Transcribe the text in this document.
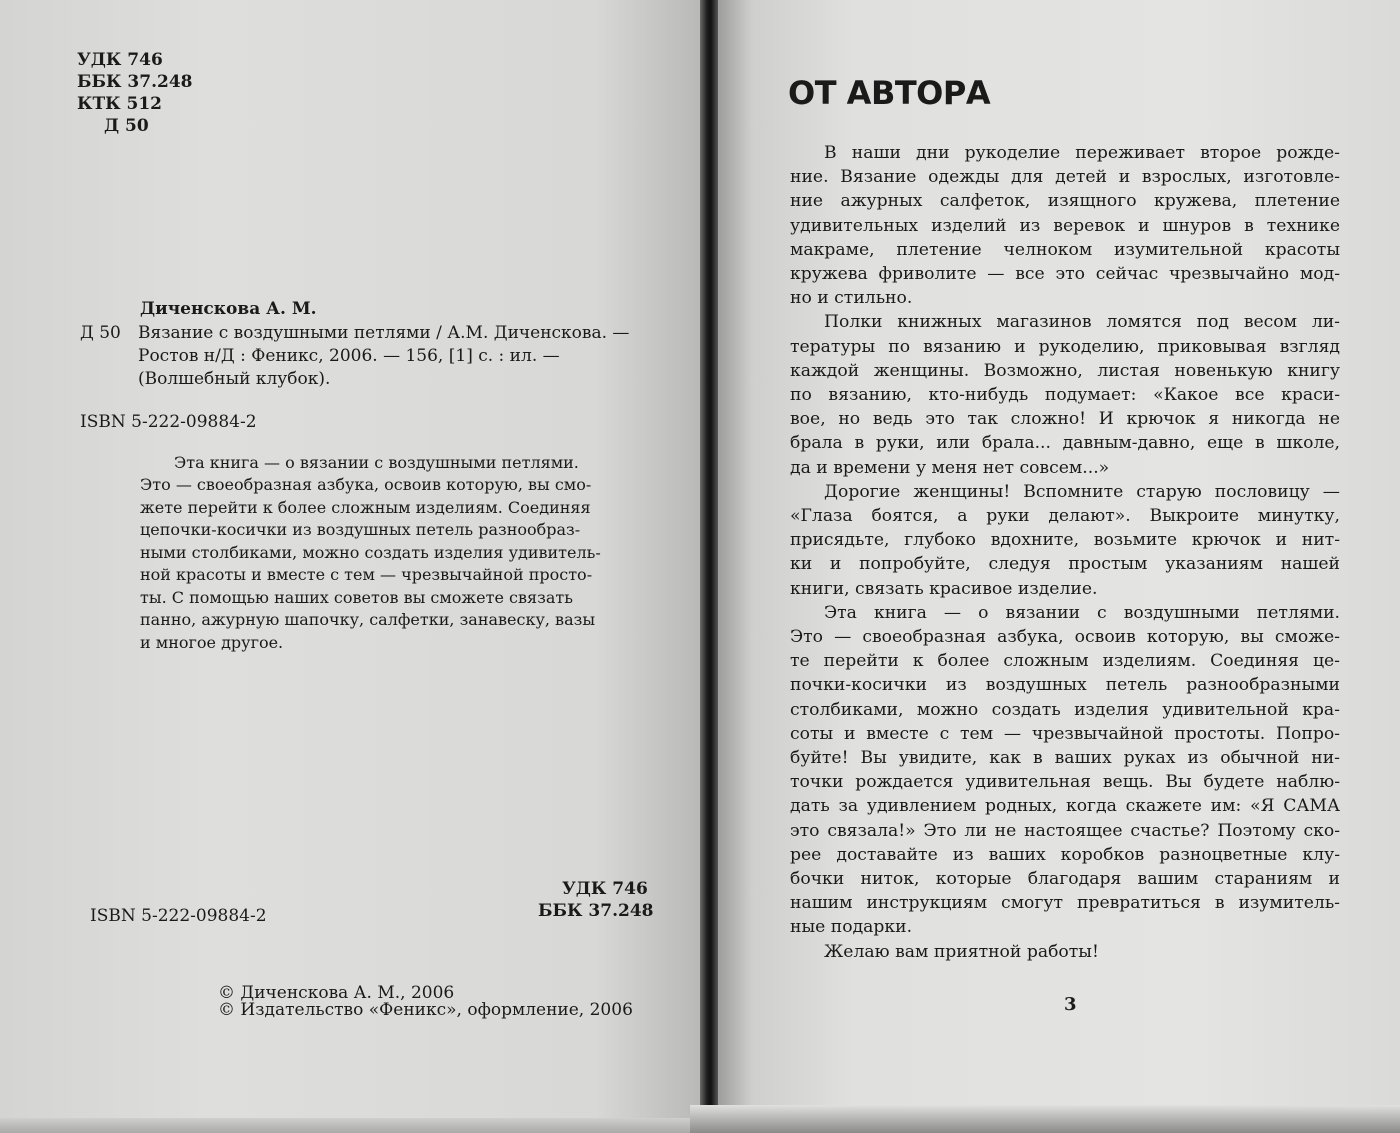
УДК 746
ББК 37.248
КТК 512
Д 50
Диченскова А. М.
Д 50 Вязание с воздушными петлями / А.М. Диченскова. —
Ростов н/Д : Феникс, 2006. — 156, [1] с. : ил. —
(Волшебный клубок).
ISBN 5-222-09884-2
Эта книга — о вязании с воздушными петлями.
Это — своеобразная азбука, освоив которую, вы смо-
жете перейти к более сложным изделиям. Соединяя
цепочки-косички из воздушных петель разнообраз-
ными столбиками, можно создать изделия удивитель-
ной красоты и вместе с тем — чрезвычайной просто-
ты. С помощью наших советов вы сможете связать
панно, ажурную шапочку, салфетки, занавеску, вазы
и многое другое.
ISBN 5-222-09884-2
УДК 746
ББК 37.248
© Диченскова А. М., 2006
© Издательство «Феникс», оформление, 2006
ОТ АВТОРА
В наши дни рукоделие переживает второе рожде-
ние. Вязание одежды для детей и взрослых, изготовле-
ние ажурных салфеток, изящного кружева, плетение
удивительных изделий из веревок и шнуров в технике
макраме, плетение челноком изумительной красоты
кружева фриволите — все это сейчас чрезвычайно мод-
но и стильно.
Полки книжных магазинов ломятся под весом ли-
тературы по вязанию и рукоделию, приковывая взгляд
каждой женщины. Возможно, листая новенькую книгу
по вязанию, кто-нибудь подумает: «Какое все краси-
вое, но ведь это так сложно! И крючок я никогда не
брала в руки, или брала... давным-давно, еще в школе,
да и времени у меня нет совсем...»
Дорогие женщины! Вспомните старую пословицу —
«Глаза боятся, а руки делают». Выкроите минутку,
присядьте, глубоко вдохните, возьмите крючок и нит-
ки и попробуйте, следуя простым указаниям нашей
книги, связать красивое изделие.
Эта книга — о вязании с воздушными петлями.
Это — своеобразная азбука, освоив которую, вы сможе-
те перейти к более сложным изделиям. Соединяя це-
почки-косички из воздушных петель разнообразными
столбиками, можно создать изделия удивительной кра-
соты и вместе с тем — чрезвычайной простоты. Попро-
буйте! Вы увидите, как в ваших руках из обычной ни-
точки рождается удивительная вещь. Вы будете наблю-
дать за удивлением родных, когда скажете им: «Я САМА
это связала!» Это ли не настоящее счастье? Поэтому ско-
рее доставайте из ваших коробков разноцветные клу-
бочки ниток, которые благодаря вашим стараниям и
нашим инструкциям смогут превратиться в изумитель-
ные подарки.
Желаю вам приятной работы!
3
